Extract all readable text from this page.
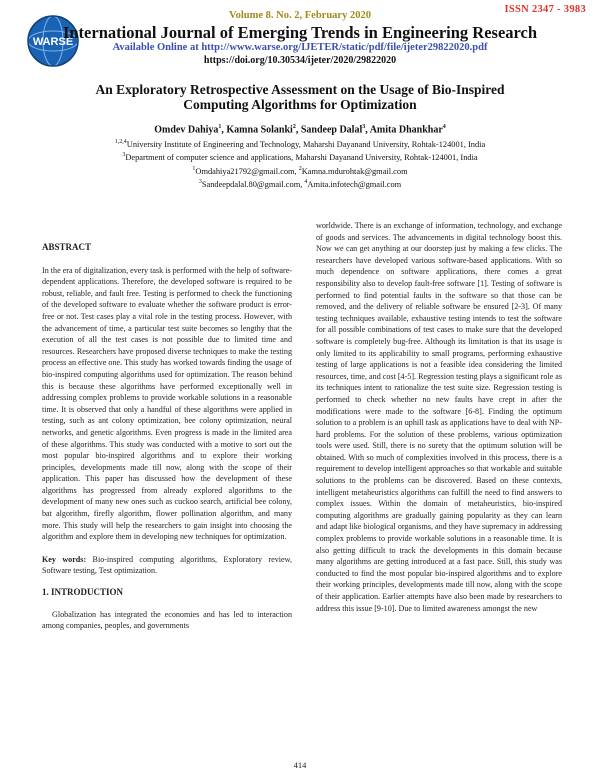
ISSN 2347 - 3983
WARSE
Volume 8. No. 2, February 2020
International Journal of Emerging Trends in Engineering Research
Available Online at http://www.warse.org/IJETER/static/pdf/file/ijeter29822020.pdf
https://doi.org/10.30534/ijeter/2020/29822020
An Exploratory Retrospective Assessment on the Usage of Bio-Inspired
Computing Algorithms for Optimization
Omdev Dahiya$^1$, Kamna Solanki$^2$, Sandeep Dalal$^3$, Amita Dhankhar$^4$
$^{1,2,4}$University Institute of Engineering and Technology, Maharshi Dayanand University, Rohtak-124001, India
$^3$Department of computer science and applications, Maharshi Dayanand University, Rohtak-124001, India
$^1$Omdahiya21792@gmail.com, $^2$Kamna.mdurohtak@gmail.com
$^3$Sandeepdalal.80@gmail.com, $^4$Amita.infotech@gmail.com

ABSTRACT

In the era of digitalization, every task is performed with the help of software-dependent applications. Therefore, the developed software is required to be robust, reliable, and fault free. Testing is performed to check the functioning of the developed software to evaluate whether the software product is error-free or not. Test cases play a vital role in the testing process. However, with the advancement of time, a particular test suite becomes so lengthy that the execution of all the test cases is not possible due to limited time and resources. Researchers have proposed diverse techniques to make the testing process an effective one. This study has worked towards finding the usage of bio-inspired computing algorithms used for optimization. The reason behind this is because these algorithms have performed exceptionally well in addressing complex problems to provide workable solutions in a reasonable time. It is observed that only a handful of these algorithms were applied in testing, such as ant colony optimization, bee colony optimization, neural networks, and genetic algorithms. Even progress is made in the limited area of these algorithms. This study was conducted with a motive to sort out the most popular bio-inspired algorithms and to explore their working principles, developments made till now, along with the scope of their application. This paper has discussed how the development of these algorithms has progressed from already explored algorithms to the development of many new ones such as cuckoo search, artificial bee colony, bat algorithm, firefly algorithm, flower pollination algorithm, and many more. This study will help the researchers to gain insight into choosing the algorithm and explore them in developing new techniques for optimization.

Key words: Bio-inspired computing algorithms, Exploratory review, Software testing, Test optimization.

1. INTRODUCTION

Globalization has integrated the economies and has led to interaction among companies, peoples, and governments

worldwide. There is an exchange of information, technology, and exchange of goods and services. The advancements in digital technology boost this. Now we can get anything at our doorstep just by making a few clicks. The researchers have developed various software-based applications. With so much dependence on software applications, there comes a great responsibility also to develop fault-free software [1]. Testing of software is performed to find potential faults in the software so that those can be removed, and the delivery of reliable software be ensured [2-3]. Of many testing techniques available, exhaustive testing intends to test the software for all possible combinations of test cases to make sure that the developed software is completely bug-free. Although its limitation is that its usage is only limited to its applicability to small programs, performing exhaustive testing of large applications is not a feasible idea considering the limited resources, time, and cost [4-5]. Regression testing plays a significant role as its techniques intent to rationalize the test suite size. Regression testing is performed to check whether no new faults have crept in after the modifications were made to the software [6-8]. Finding the optimum solution to a problem is an uphill task as applications have to deal with NP-hard problems. For the solution of these problems, various optimization tools were used. Still, there is no surety that the optimum solution will be obtained. With so much of complexities involved in this process, there is a requirement to develop intelligent approaches so that workable and suitable solutions to the problems can be discovered. Based on these contexts, intelligent metaheuristics algorithms can fulfill the need to find answers to complex issues. Within the domain of metaheuristics, bio-inspired computing algorithms are gradually gaining popularity as they can learn and adapt like biological organisms, and they have supremacy in addressing complex problems to provide workable solutions in a reasonable time. It is also getting difficult to track the developments in this domain because many algorithms are getting introduced at a fast pace. Still, this study was conducted to find the most popular bio-inspired algorithms and to explore their working principles, developments made till now, along with the scope of their application. Earlier attempts have also been made by researchers to address this issue [9-10]. Due to limited awareness amongst the new

414
